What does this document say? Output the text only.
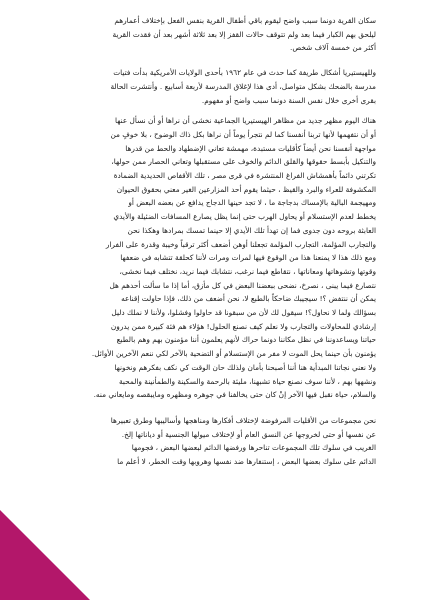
سكان القرية دونما سبب واضح ليقوم باقي أطفال القرية بنفس الفعل بإختلاف أعمارهم
ليلحق بهم الكبار فيما بعد ولم تتوقف حالات القفز إلا بعد ثلاثة أشهر بعد أن فقدت القرية
أكثر من خمسة آلاف شخص.

وللهيستيريا أشكال طريفة كما حدث في عام ١٩٦٢ بأحدى الولايات الأمريكية بدأت فتيات
مدرسة بالضحك بشكل متواصل، أدى هذا لإغلاق المدرسة لأربعة أسابيع . وأنتشرت الحالة
بقرى أخرى خلال نفس السنة دونما سبب واضح أو مفهوم.

هناك اليوم مظهر جديد من مظاهر الهيستيريا الجماعية نخشى أن نراها أو أن نسأل عنها
أو أن نتفهمها لأنها تربنا أنفسنا كما لم نتجرأ يوماً أن نراها بكل ذاك الوضوح ، بلا خوفٍ من
مواجهة أنفسنا نحن أيضاً كأقليات مستبدة، مهمشة تعاني الإضطهاد والحط من قدرها
والتنكيل بأبسط حقوقها والقلق الدائم والخوف على مستقبلها وتعاني الحصار ممن حولها،
تكرتني دائماً بأهمشاش الفراغ المنتشرة في قرى مصر ، تلك الأقفاص الحديدية الضمادة
المكشوفة للعراء والبرد والقيظ ، حيثما يقوم أحد المزارعين الغير معني بحقوق الحيوان
ومهيجمة البالية بالإمساك بدجاجة ما ، لا تجد حينها الدجاج يدافع عن بعضه البعض أو
يخطط لعدم الإستسلام أو يحاول الهرب حتى إنما يظل يصارع المسافات الضئيلة والأيدي
العابثة بروحه دون جدوى فما إن تهدأ تلك الأيدي إلا حينما تمسك بمرادها وهكذا نحن
والتجارب المؤلمة، التجارب المؤلمة تجعلنا أوهن أضعف أكثر ترقباً وخيبة وقدرة على الفرار
ومع ذلك هذا لا يمنعنا هذا من الوقوع فيها لمرات ومرات لأننا كحلقة تتشابه في ضعفها
وقوتها وتشوهاتها ومعاناتها ، نتقاطع فيما نرغب، نتشابك فيما نريد، نختلف فيما نخشى،
نتصارع فيما يبنى ، نصرخ، نضحى ببعضنا البعض في كل مأزق، أما إذا ما سألت أحدهم هل
يمكن أن ننتفض ؟! سيجيبك ضاحكاً بالطبع لا، نحن أضعف من ذلك، فإذا حاولت إقناعه
بسؤالك ولما لا نحاول؟! سيقول لك لأن من سبقونا قد حاولوا وفشلوا، ولأننا لا نملك دليل
إرشادي للمحاولات والتجارب ولا نعلم كيف نصنع الحلول! هؤلاء هم فئة كبيرة ممن يدرون
حياتنا ويساعدوننا في نظل مكاننا دونما حراك لأنهم يعلمون أننا مؤمنون بهم وهم بالطبع
يؤمنون بأن حينما يحل الموت لا مفر من الإستسلام أو التضحية بالآخر لكي ننعم الآخرين الأوائل.
ولا نعني نجاتنا المبدأية هنا أننا أصبحنا بأمان ولذلك حان الوقت كي نكف بفكرهم ونخونها
ونشهها بهم ، لأننا سوف نصنع حياة تشبهنا، مليئة بالرحمة والسكينة والطمأنينة والمحبة
والسلام، حياة نقبل فيها الآخر إنْ كان حتى يخالفنا في جوهره ومظهره ومايبقصه ومايعاني منه.

نحن مجموعات من الأقليات المرفوضة لإختلاف أفكارها ومناهجها وأساليبها وطرق تعبيرها
عن نفسها أو حتى لخروجها عن النسق العام أو لإختلاف ميولها الجنسية أو دياناتها إلخ.
الغريب في سلوك تلك المجموعات تناحرها ورفضها الدائم لبعضها البعض ، فجومها
الدائم على سلوك بعضها البعض ، إستنفارها ضد نفسها وهروبها وقت الخطر، لا أعلم ما
